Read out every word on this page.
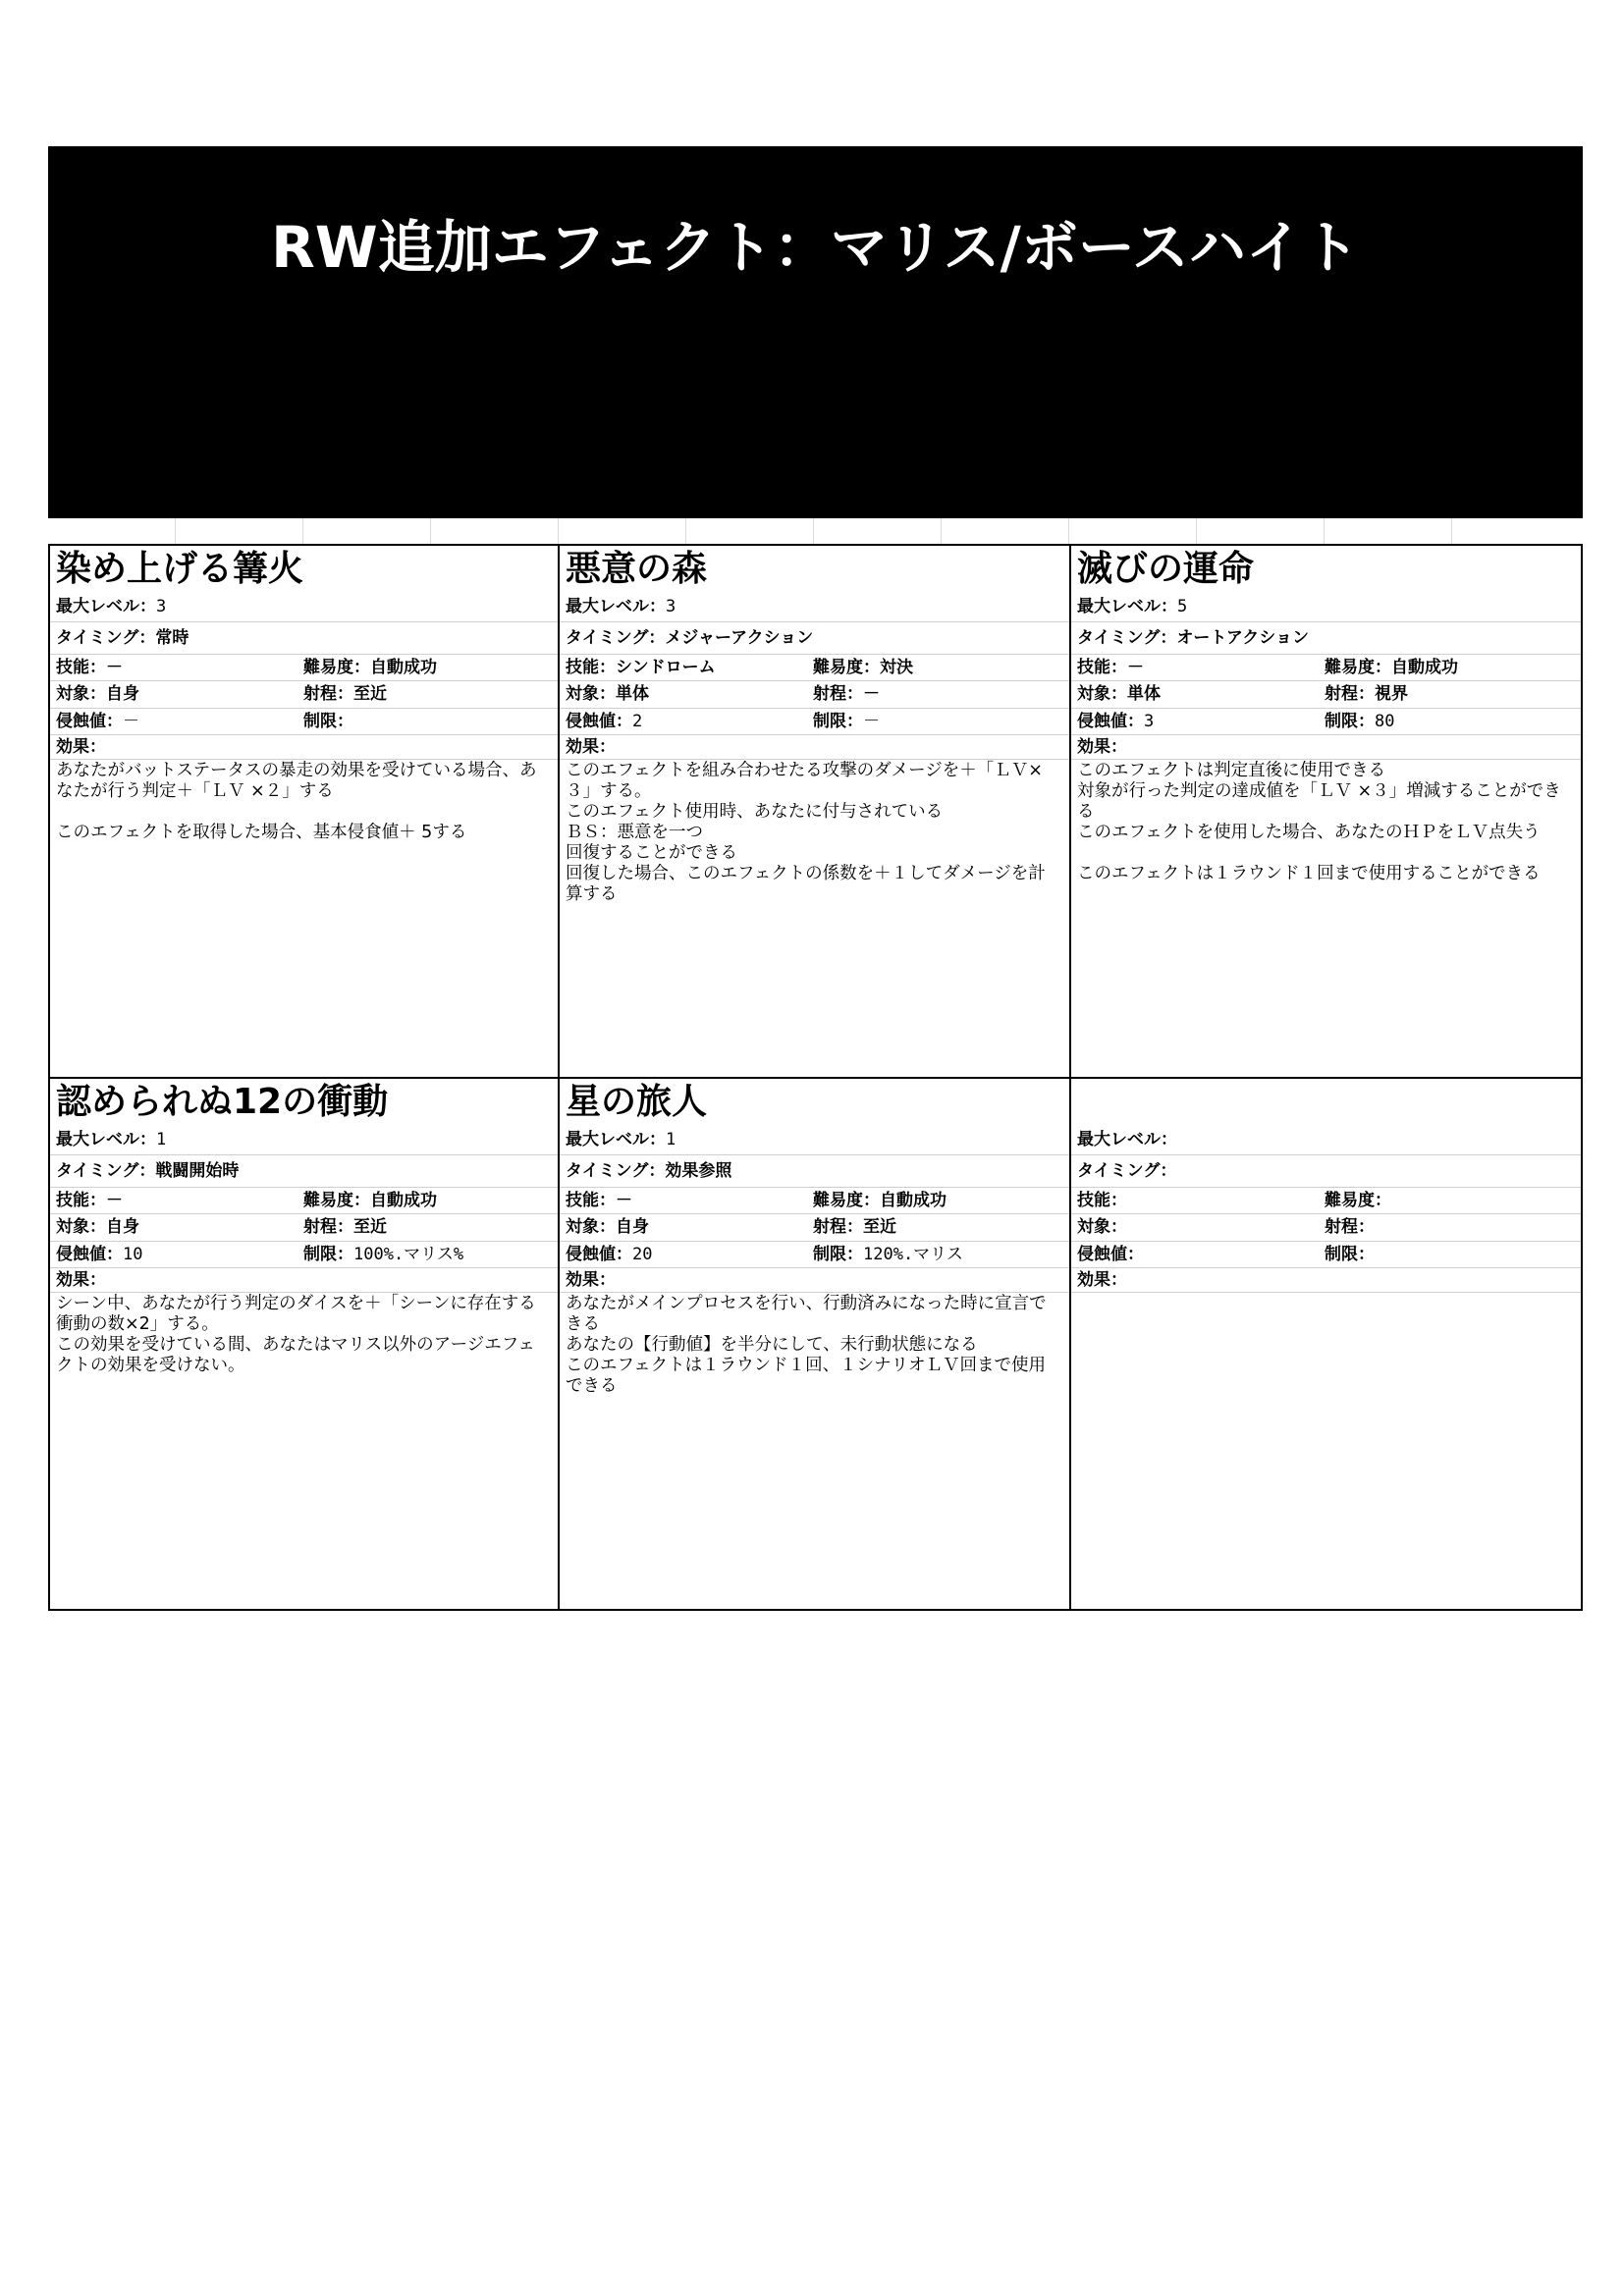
RW追加エフェクト：マリス/ボースハイト
染め上げる篝火
最大レベル：3
タイミング：常時
技能：－	難易度：自動成功
対象：自身	射程：至近
侵蝕値：－	制限：
効果：
あなたがバットステータスの暴走の効果を受けている場合、あなたが行う判定＋「ＬＶ ×２」する

このエフェクトを取得した場合、基本侵食値＋ 5する
悪意の森
最大レベル：3
タイミング：メジャーアクション
技能：シンドローム	難易度：対決
対象：単体	射程：－
侵蝕値：2	制限：－
効果：
このエフェクトを組み合わせたる攻撃のダメージを＋「ＬＶ×３」する。
このエフェクト使用時、あなたに付与されている
ＢＳ：悪意を一つ
回復することができる
回復した場合、このエフェクトの係数を＋１してダメージを計算する
滅びの運命
最大レベル：5
タイミング：オートアクション
技能：－	難易度：自動成功
対象：単体	射程：視界
侵蝕値：3	制限：80
効果：
このエフェクトは判定直後に使用できる
対象が行った判定の達成値を「ＬＶ ×３」増減することができる
このエフェクトを使用した場合、あなたのＨＰをＬＶ点失う

このエフェクトは１ラウンド１回まで使用することができる
認められぬ12の衝動
最大レベル：1
タイミング：戦闘開始時
技能：－	難易度：自動成功
対象：自身	射程：至近
侵蝕値：10	制限：100%.マリス%
効果：
シーン中、あなたが行う判定のダイスを＋「シーンに存在する衝動の数×2」する。
この効果を受けている間、あなたはマリス以外のアージエフェクトの効果を受けない。
星の旅人
最大レベル：1
タイミング：効果参照
技能：－	難易度：自動成功
対象：自身	射程：至近
侵蝕値：20	制限：120%.マリス
効果：
あなたがメインプロセスを行い、行動済みになった時に宣言できる
あなたの【行動値】を半分にして、未行動状態になる
このエフェクトは１ラウンド１回、１シナリオＬＶ回まで使用できる
最大レベル：
タイミング：
技能：	難易度：
対象：	射程：
侵蝕値：	制限：
効果：
